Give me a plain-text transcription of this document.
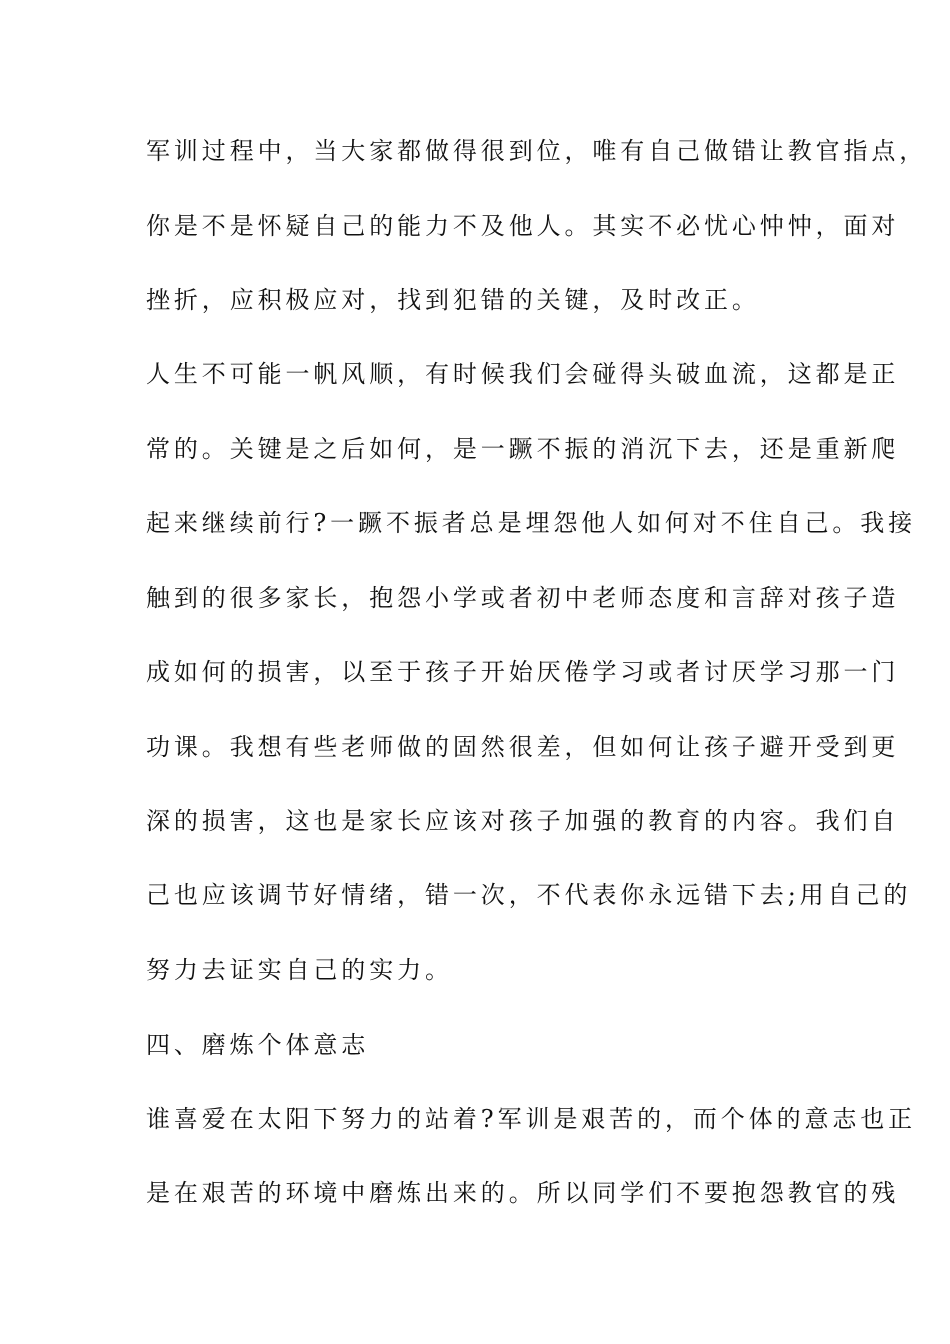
军训过程中，当大家都做得很到位，唯有自己做错让教官指点，
你是不是怀疑自己的能力不及他人。其实不必忧心忡忡，面对
挫折，应积极应对，找到犯错的关键，及时改正。
人生不可能一帆风顺，有时候我们会碰得头破血流，这都是正
常的。关键是之后如何，是一蹶不振的消沉下去，还是重新爬
起来继续前行?一蹶不振者总是埋怨他人如何对不住自己。我接
触到的很多家长，抱怨小学或者初中老师态度和言辞对孩子造
成如何的损害，以至于孩子开始厌倦学习或者讨厌学习那一门
功课。我想有些老师做的固然很差，但如何让孩子避开受到更
深的损害，这也是家长应该对孩子加强的教育的内容。我们自
己也应该调节好情绪，错一次，不代表你永远错下去;用自己的
努力去证实自己的实力。
四、磨炼个体意志
谁喜爱在太阳下努力的站着?军训是艰苦的，而个体的意志也正
是在艰苦的环境中磨炼出来的。所以同学们不要抱怨教官的残
